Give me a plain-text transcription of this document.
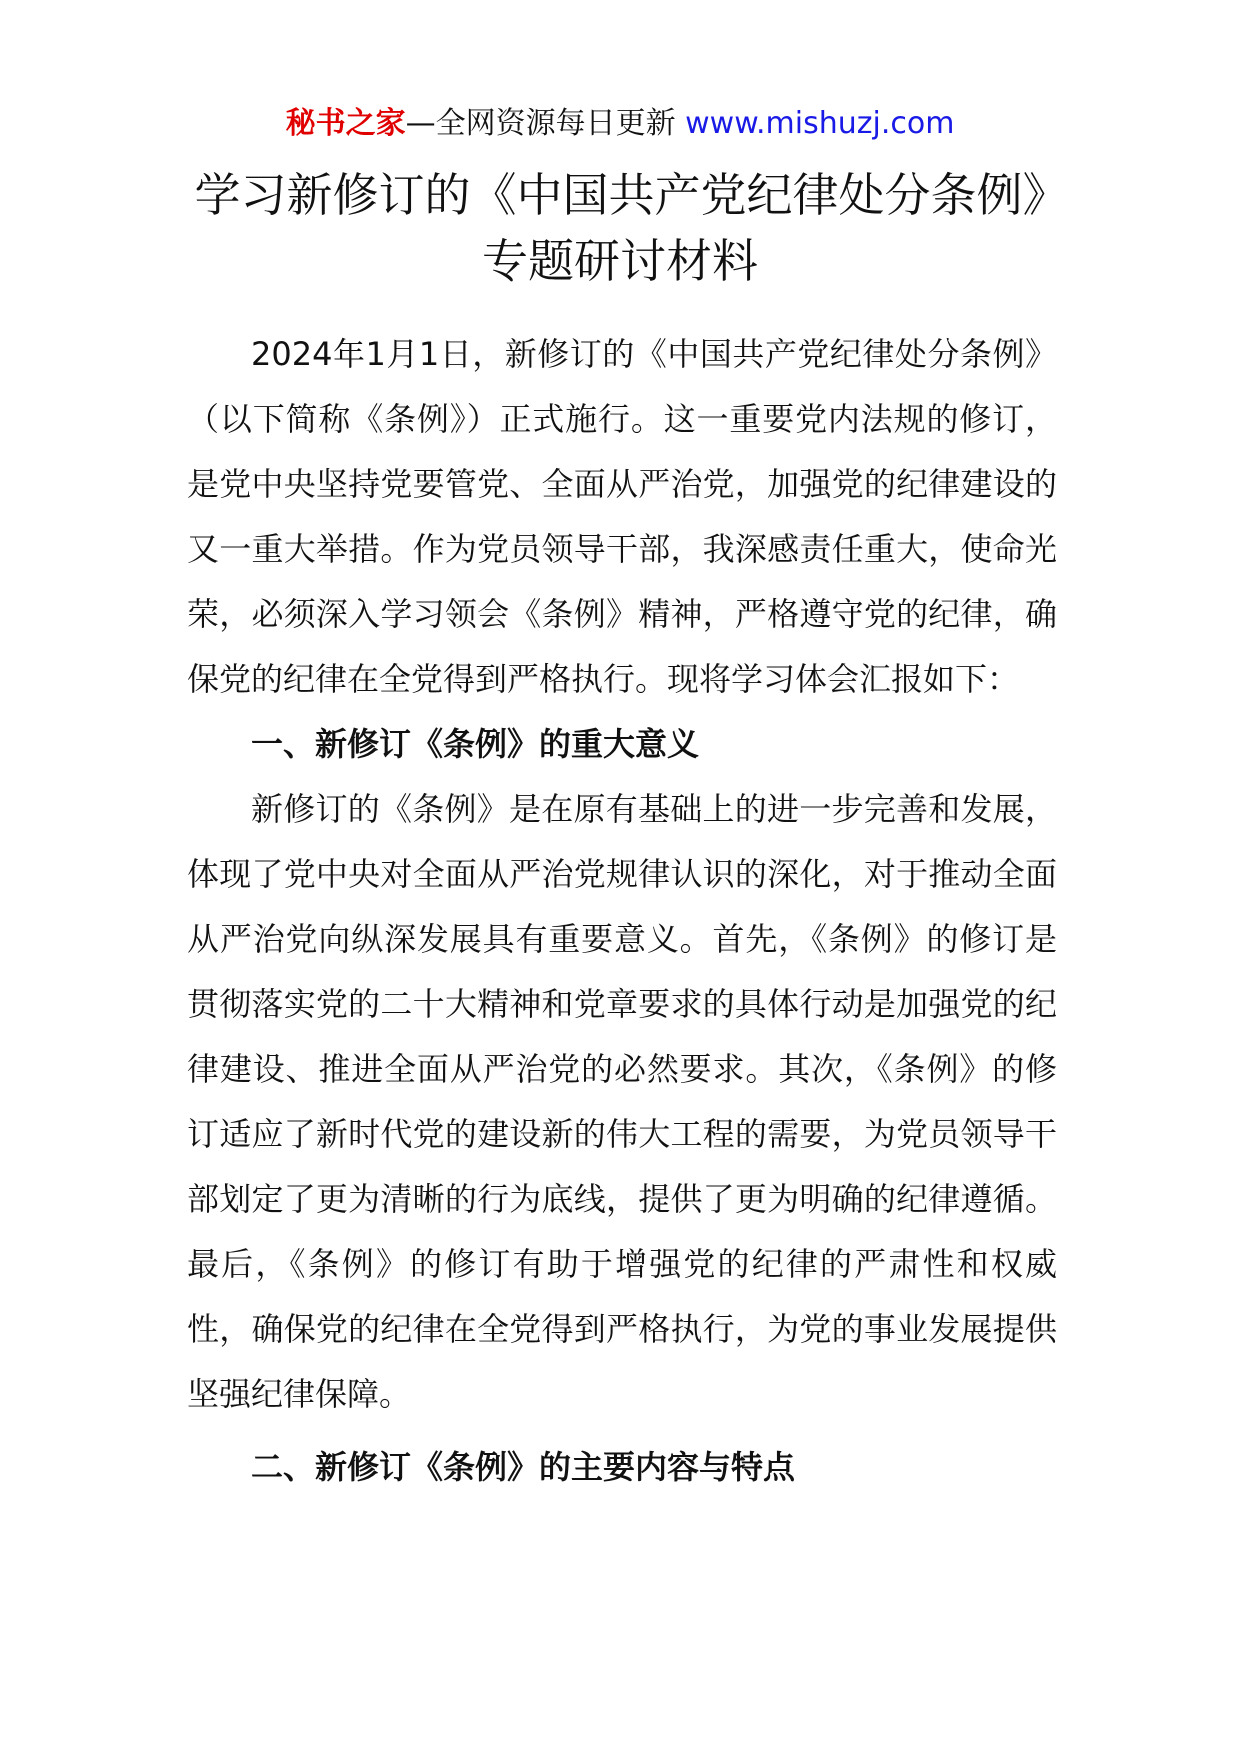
秘书之家—全网资源每日更新 www.mishuzj.com
学习新修订的《中国共产党纪律处分条例》专题研讨材料

2024年1月1日，新修订的《中国共产党纪律处分条例》（以下简称《条例》）正式施行。这一重要党内法规的修订，是党中央坚持党要管党、全面从严治党，加强党的纪律建设的又一重大举措。作为党员领导干部，我深感责任重大，使命光荣，必须深入学习领会《条例》精神，严格遵守党的纪律，确保党的纪律在全党得到严格执行。现将学习体会汇报如下：

一、新修订《条例》的重大意义

新修订的《条例》是在原有基础上的进一步完善和发展，体现了党中央对全面从严治党规律认识的深化，对于推动全面从严治党向纵深发展具有重要意义。首先，《条例》的修订是贯彻落实党的二十大精神和党章要求的具体行动是加强党的纪律建设、推进全面从严治党的必然要求。其次，《条例》的修订适应了新时代党的建设新的伟大工程的需要，为党员领导干部划定了更为清晰的行为底线，提供了更为明确的纪律遵循。最后，《条例》的修订有助于增强党的纪律的严肃性和权威性，确保党的纪律在全党得到严格执行，为党的事业发展提供坚强纪律保障。

二、新修订《条例》的主要内容与特点
